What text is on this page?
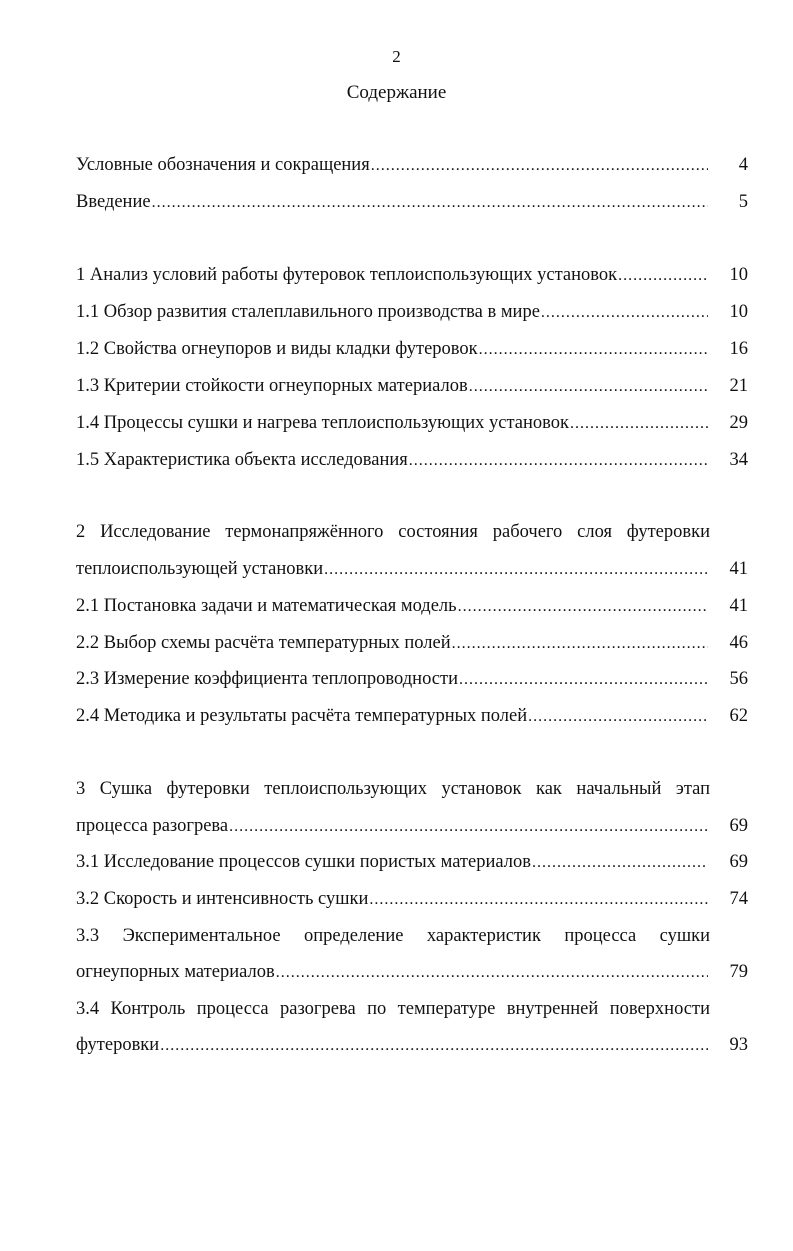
2
Содержание
Условные обозначения и сокращения .....	4
Введение .....	5
1 Анализ условий работы футеровок теплоиспользующих установок .....	10
1.1 Обзор развития сталеплавильного производства в мире .....	10
1.2 Свойства огнеупоров и виды кладки футеровок .....	16
1.3 Критерии стойкости огнеупорных материалов .....	21
1.4 Процессы сушки и нагрева теплоиспользующих установок .....	29
1.5 Характеристика объекта исследования .....	34
2 Исследование термонапряжённого состояния рабочего слоя футеровки
теплоиспользующей установки .....	41
2.1 Постановка задачи и математическая модель .....	41
2.2 Выбор схемы расчёта температурных полей .....	46
2.3 Измерение коэффициента теплопроводности .....	56
2.4 Методика и результаты расчёта температурных полей .....	62
3 Сушка футеровки теплоиспользующих установок как начальный этап
процесса разогрева .....	69
3.1 Исследование процессов сушки пористых материалов .....	69
3.2 Скорость и интенсивность сушки .....	74
3.3 Экспериментальное определение характеристик процесса сушки
огнеупорных материалов .....	79
3.4 Контроль процесса разогрева по температуре внутренней поверхности
футеровки .....	93
